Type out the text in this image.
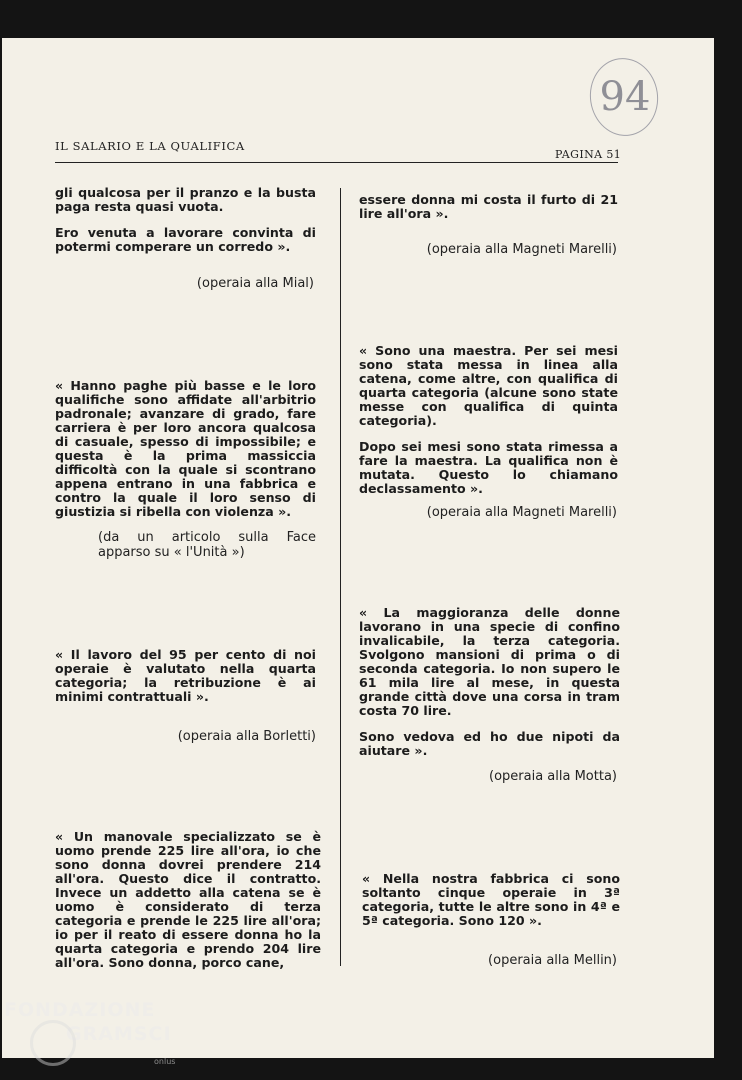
94
IL SALARIO E LA QUALIFICA
PAGINA 51

gli qualcosa per il pranzo e la busta paga resta quasi vuota.

Ero venuta a lavorare convinta di potermi comperare un corredo ».

(operaia alla Mial)

« Hanno paghe più basse e le loro qualifiche sono affidate all'arbitrio padronale; avanzare di grado, fare carriera è per loro ancora qualcosa di casuale, spesso di impossibile; e questa è la prima massiccia difficoltà con la quale si scontrano appena entrano in una fabbrica e contro la quale il loro senso di giustizia si ribella con violenza ».

(da un articolo sulla Face apparso su « l'Unità »)

« Il lavoro del 95 per cento di noi operaie è valutato nella quarta categoria; la retribuzione è ai minimi contrattuali ».

(operaia alla Borletti)

« Un manovale specializzato se è uomo prende 225 lire all'ora, io che sono donna dovrei prendere 214 all'ora. Questo dice il contratto. Invece un addetto alla catena se è uomo è considerato di terza categoria e prende le 225 lire all'ora; io per il reato di essere donna ho la quarta categoria e prendo 204 lire all'ora. Sono donna, porco cane,

essere donna mi costa il furto di 21 lire all'ora ».

(operaia alla Magneti Marelli)

« Sono una maestra. Per sei mesi sono stata messa in linea alla catena, come altre, con qualifica di quarta categoria (alcune sono state messe con qualifica di quinta categoria).

Dopo sei mesi sono stata rimessa a fare la maestra. La qualifica non è mutata. Questo lo chiamano declassamento ».

(operaia alla Magneti Marelli)

« La maggioranza delle donne lavorano in una specie di confino invalicabile, la terza categoria. Svolgono mansioni di prima o di seconda categoria. Io non supero le 61 mila lire al mese, in questa grande città dove una corsa in tram costa 70 lire.

Sono vedova ed ho due nipoti da aiutare ».

(operaia alla Motta)

« Nella nostra fabbrica ci sono soltanto cinque operaie in 3ª categoria, tutte le altre sono in 4ª e 5ª categoria. Sono 120 ».

(operaia alla Mellin)
FONDAZIONE
GRAMSCI
onlus
